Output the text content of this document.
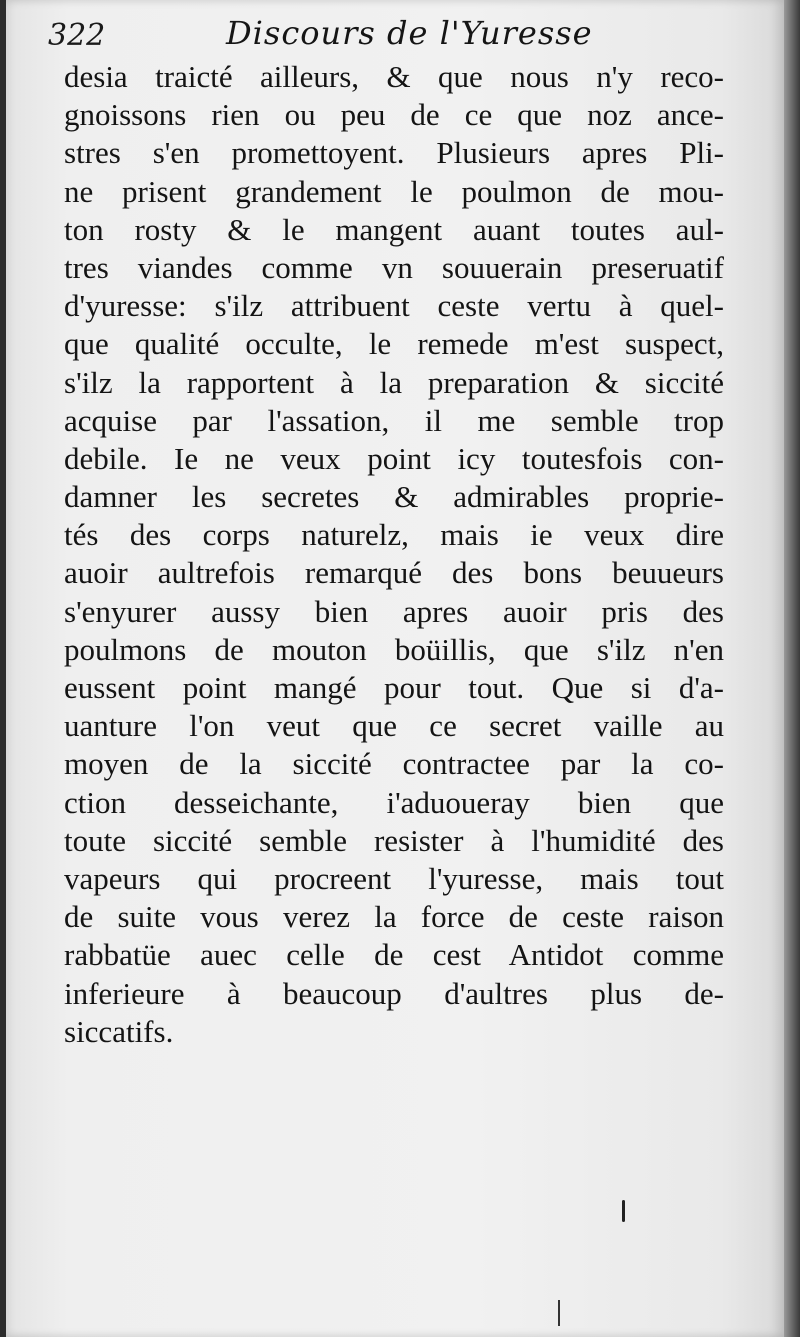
322	Discours de l'Yuresse
desia traicté ailleurs, & que nous n'y reco-
gnoissons rien ou peu de ce que noz ance-
stres s'en promettoyent. Plusieurs apres Pli-
ne prisent grandement le poulmon de mou-
ton rosty & le mangent auant toutes aul-
tres viandes comme vn souuerain preseruatif
d'yuresse: s'ilz attribuent ceste vertu à quel-
que qualité occulte, le remede m'est suspect,
s'ilz la rapportent à la preparation & siccité
acquise par l'assation, il me semble trop
debile. Ie ne veux point icy toutesfois con-
damner les secretes & admirables proprie-
tés des corps naturelz, mais ie veux dire
auoir aultrefois remarqué des bons beuueurs
s'enyurer aussy bien apres auoir pris des
poulmons de mouton boüillis, que s'ilz n'en
eussent point mangé pour tout. Que si d'a-
uanture l'on veut que ce secret vaille au
moyen de la siccité contractee par la co-
ction desseichante, i'aduoueray bien que
toute siccité semble resister à l'humidité des
vapeurs qui procreent l'yuresse, mais tout
de suite vous verez la force de ceste raison
rabbatüe auec celle de cest Antidot comme
inferieure à beaucoup d'aultres plus de-
siccatifs.
